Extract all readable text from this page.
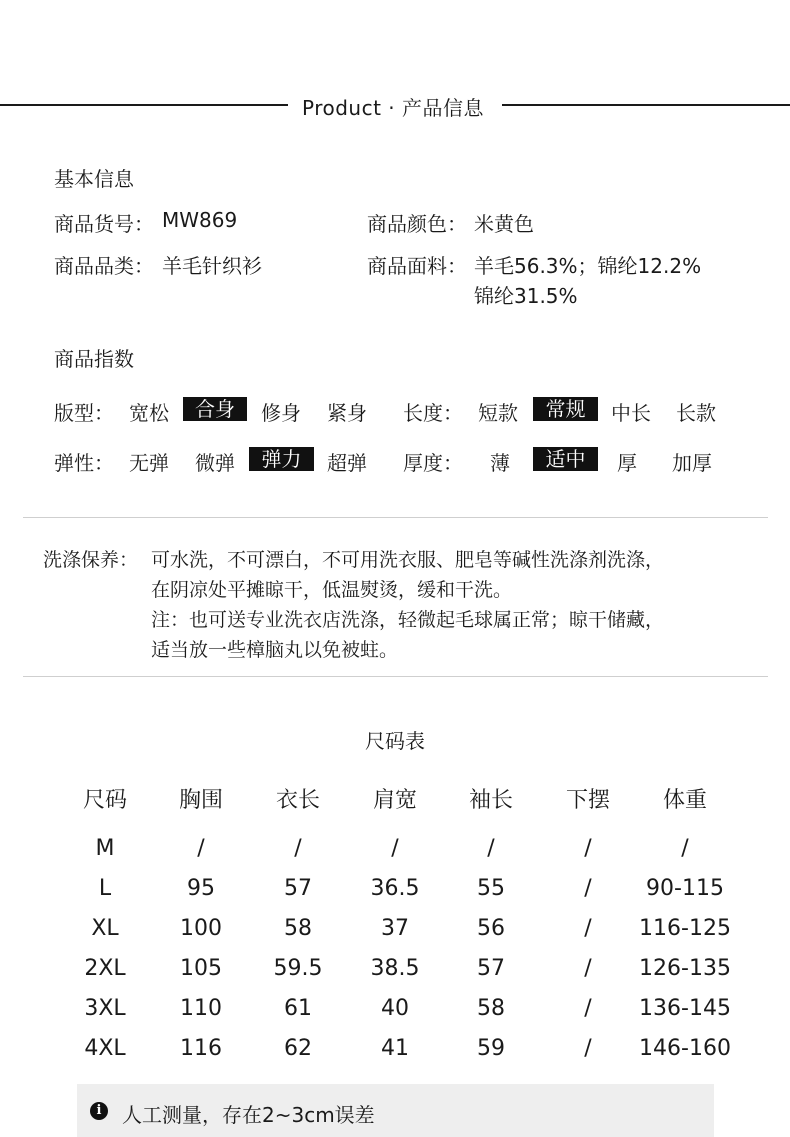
Product · 产品信息
基本信息
商品货号： MW869	商品颜色： 米黄色
商品品类： 羊毛针织衫	商品面料： 羊毛56.3%；锦纶12.2%
锦纶31.5%
商品指数
版型： 宽松	合身	修身 紧身 长度： 短款	常规	中长 长款
弹性： 无弹 微弹	弹力	超弹 厚度： 薄	适中	厚 加厚
洗涤保养： 可水洗，不可漂白，不可用洗衣服、肥皂等碱性洗涤剂洗涤，
在阴凉处平摊晾干，低温熨烫，缓和干洗。
注：也可送专业洗衣店洗涤，轻微起毛球属正常；晾干储藏，
适当放一些樟脑丸以免被蛀。
尺码表
尺码	胸围	衣长	肩宽	袖长	下摆	体重
M	/	/	/	/	/	/
L	95	57	36.5	55	/	90-115
XL	100	58	37	56	/	116-125
2XL	105	59.5	38.5	57	/	126-135
3XL	110	61	40	58	/	136-145
4XL	116	62	41	59	/	146-160
i	人工测量，存在2~3cm误差
